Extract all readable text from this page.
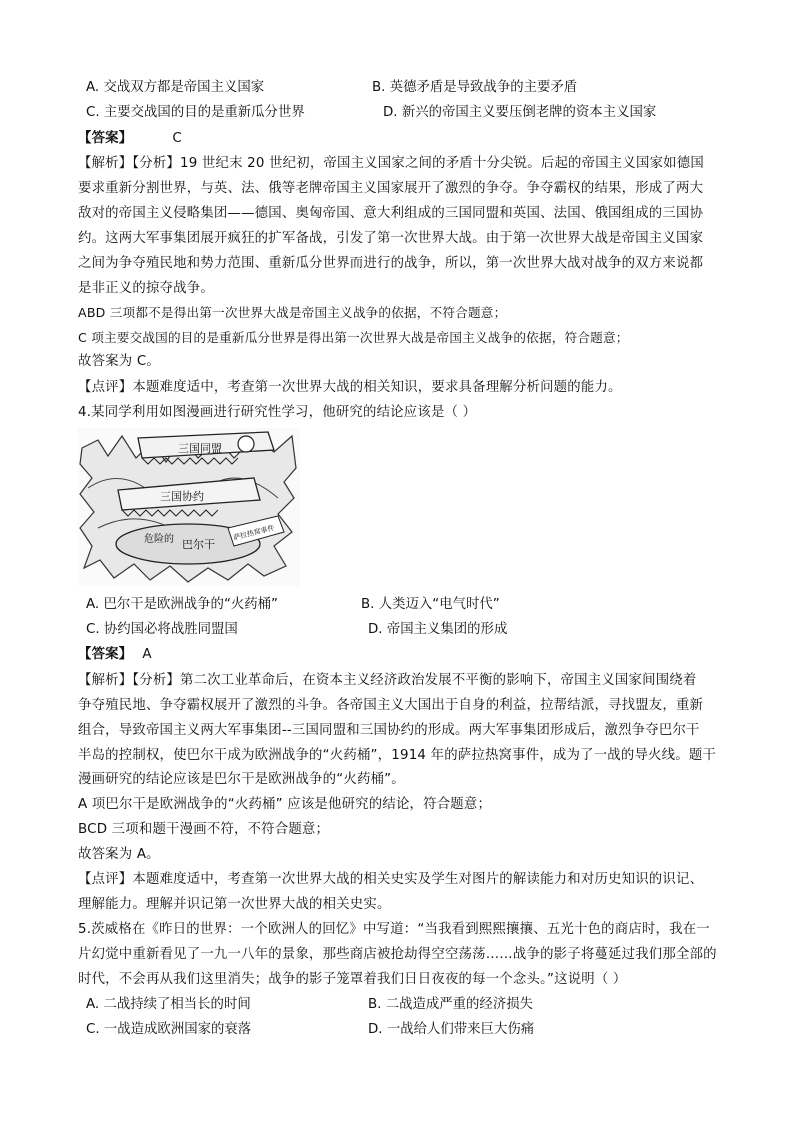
A. 交战双方都是帝国主义国家	B. 英德矛盾是导致战争的主要矛盾
C. 主要交战国的目的是重新瓜分世界	D. 新兴的帝国主义要压倒老牌的资本主义国家
【答案】	C
【解析】【分析】19 世纪末 20 世纪初，帝国主义国家之间的矛盾十分尖锐。后起的帝国主义国家如德国
要求重新分割世界，与英、法、俄等老牌帝国主义国家展开了激烈的争夺。争夺霸权的结果，形成了两大
敌对的帝国主义侵略集团——德国、奥匈帝国、意大利组成的三国同盟和英国、法国、俄国组成的三国协
约。这两大军事集团展开疯狂的扩军备战，引发了第一次世界大战。由于第一次世界大战是帝国主义国家
之间为争夺殖民地和势力范围、重新瓜分世界而进行的战争，所以，第一次世界大战对战争的双方来说都
是非正义的掠夺战争。
ABD 三项都不是得出第一次世界大战是帝国主义战争的依据，不符合题意；
C 项主要交战国的目的是重新瓜分世界是得出第一次世界大战是帝国主义战争的依据，符合题意；
故答案为 C。
【点评】本题难度适中，考查第一次世界大战的相关知识，要求具备理解分析问题的能力。
4.某同学利用如图漫画进行研究性学习，他研究的结论应该是（ ）
三国同盟
三国协约
危险的 巴尔干
萨拉热窝事件
A. 巴尔干是欧洲战争的“火药桶”	B. 人类迈入“电气时代”
C. 协约国必将战胜同盟国	D. 帝国主义集团的形成
【答案】 A
【解析】【分析】第二次工业革命后，在资本主义经济政治发展不平衡的影响下，帝国主义国家间围绕着
争夺殖民地、争夺霸权展开了激烈的斗争。各帝国主义大国出于自身的利益，拉帮结派，寻找盟友，重新
组合，导致帝国主义两大军事集团--三国同盟和三国协约的形成。两大军事集团形成后，激烈争夺巴尔干
半岛的控制权，使巴尔干成为欧洲战争的“火药桶”，1914 年的萨拉热窝事件，成为了一战的导火线。题干
漫画研究的结论应该是巴尔干是欧洲战争的“火药桶”。
A 项巴尔干是欧洲战争的“火药桶” 应该是他研究的结论，符合题意；
BCD 三项和题干漫画不符，不符合题意；
故答案为 A。
【点评】本题难度适中，考查第一次世界大战的相关史实及学生对图片的解读能力和对历史知识的识记、
理解能力。理解并识记第一次世界大战的相关史实。
5.茨威格在《昨日的世界：一个欧洲人的回忆》中写道：“当我看到熙熙攘攘、五光十色的商店时，我在一
片幻觉中重新看见了一九一八年的景象，那些商店被抢劫得空空荡荡……战争的影子将蔓延过我们那全部的
时代，不会再从我们这里消失；战争的影子笼罩着我们日日夜夜的每一个念头。”这说明（ ）
A. 二战持续了相当长的时间	B. 二战造成严重的经济损失
C. 一战造成欧洲国家的衰落	D. 一战给人们带来巨大伤痛
